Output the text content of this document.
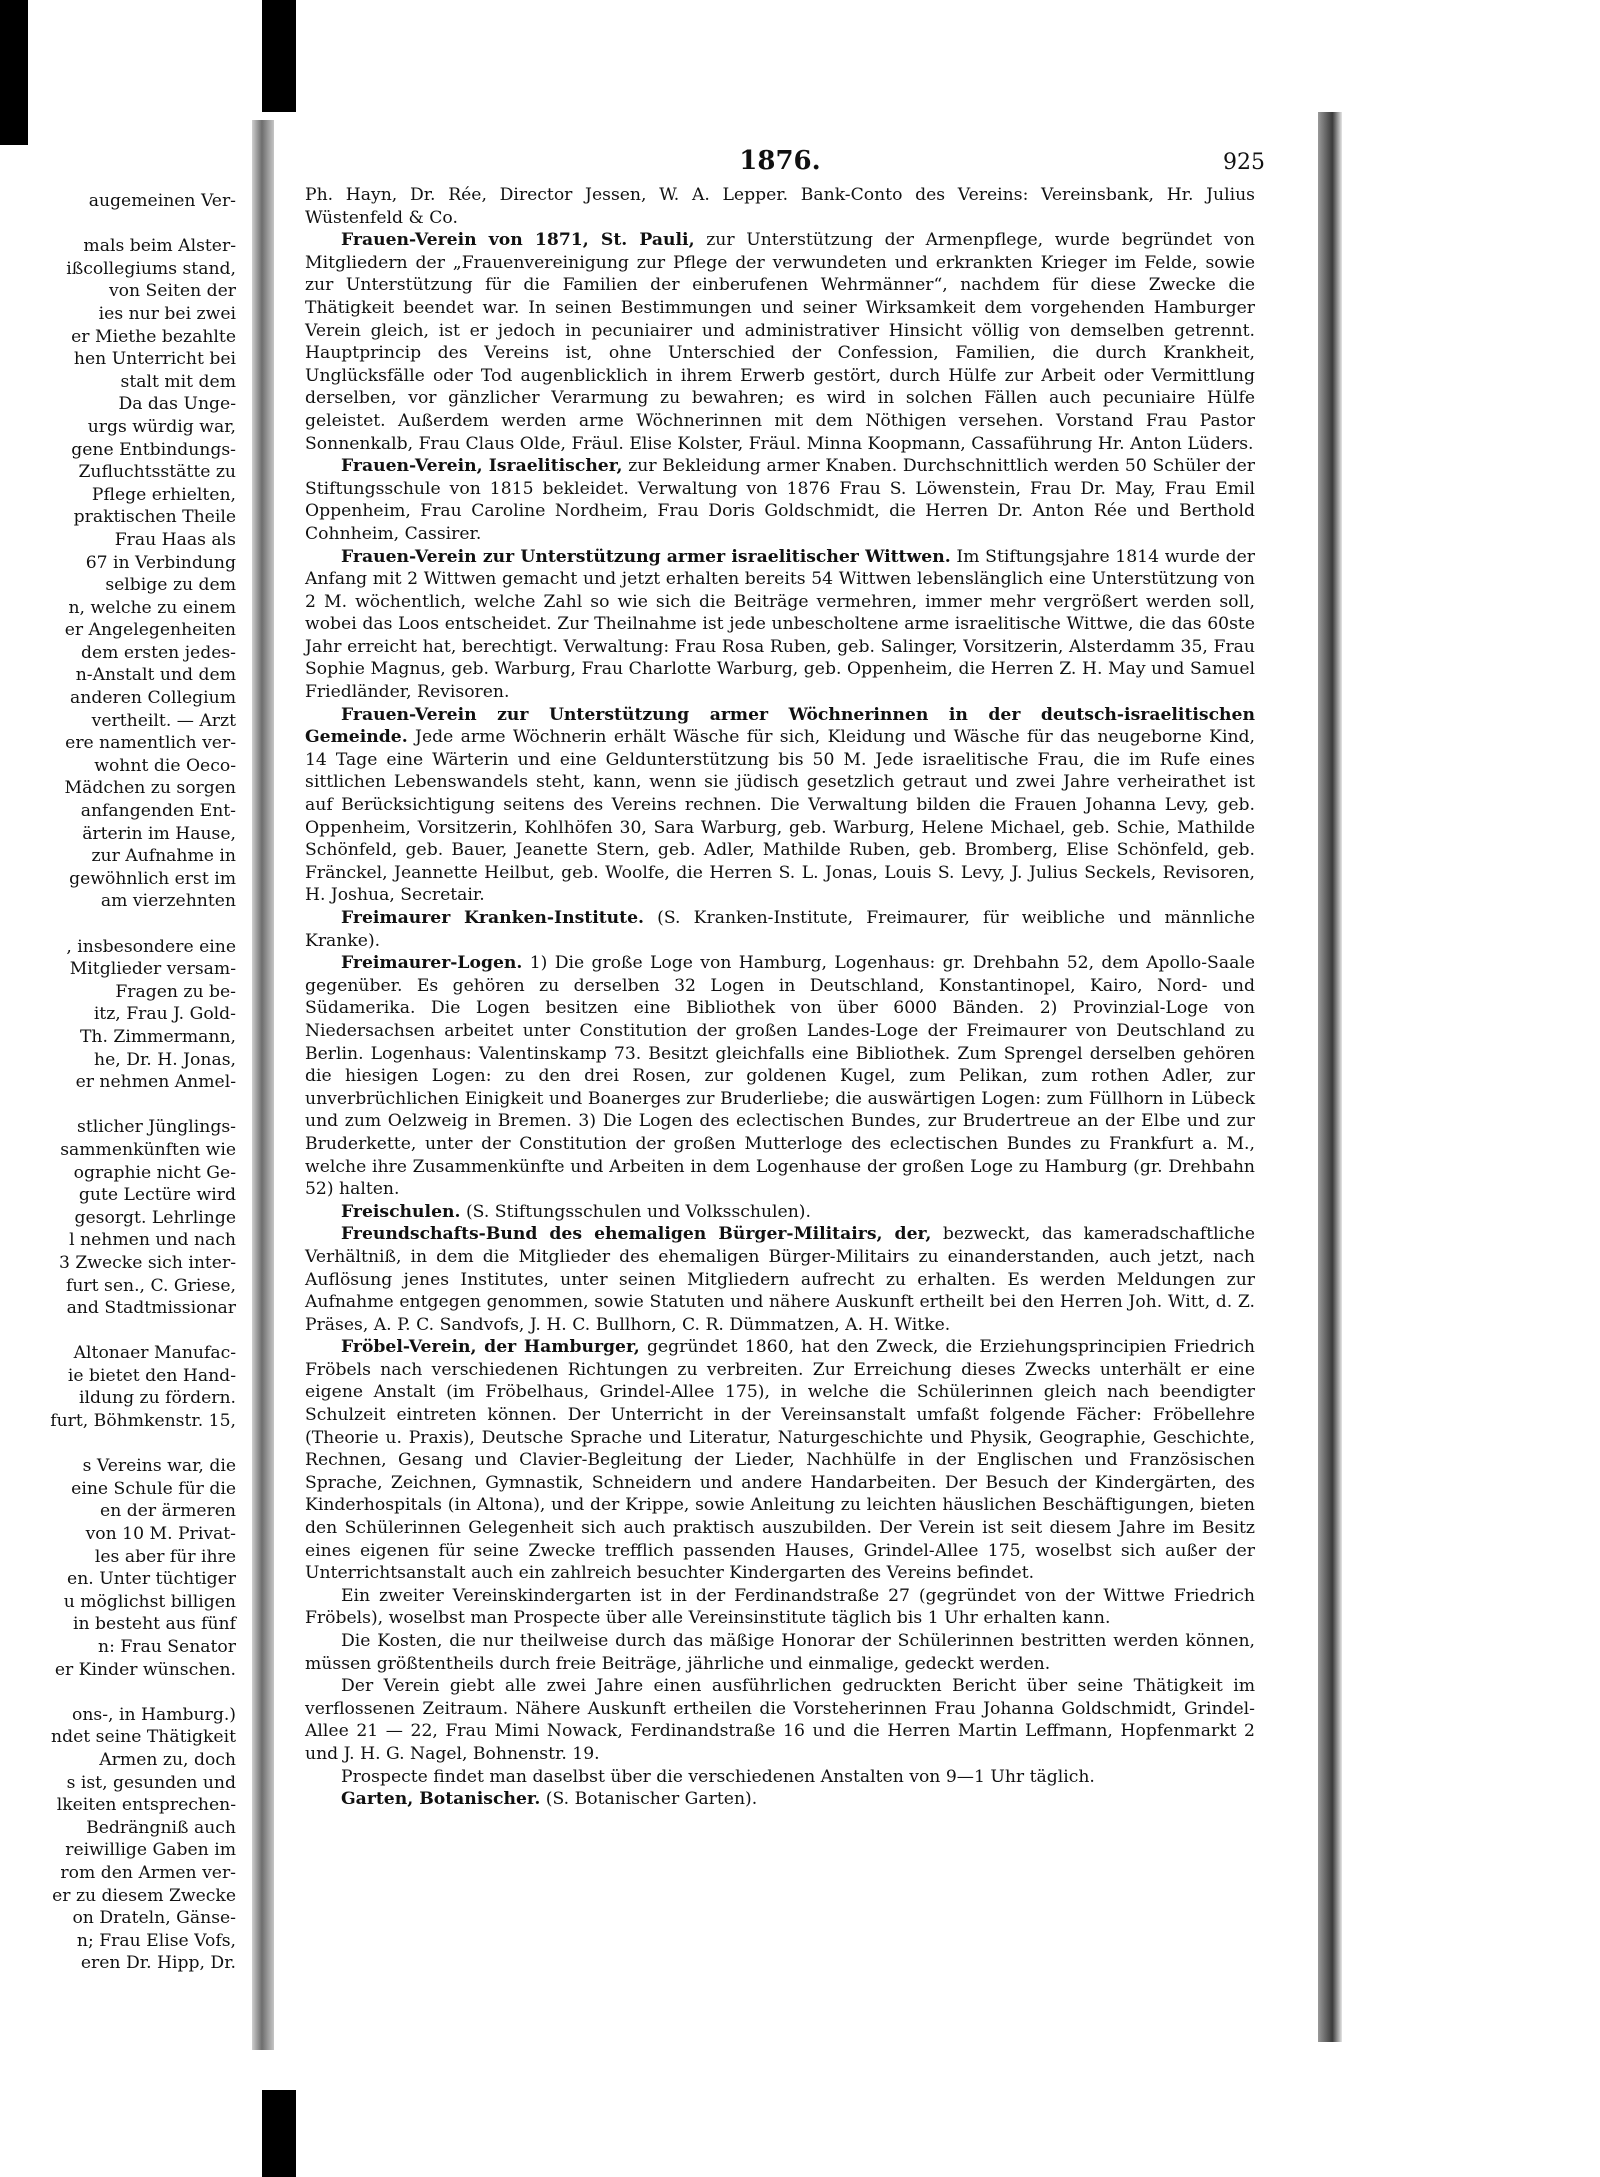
augemeinen Ver-
mals beim Alster-
ißcollegiums stand,
von Seiten der
ies nur bei zwei
er Miethe bezahlte
hen Unterricht bei
stalt mit dem
Da das Unge-
urgs würdig war,
gene Entbindungs-
Zufluchtsstätte zu
Pflege erhielten,
praktischen Theile
Frau Haas als
67 in Verbindung
selbige zu dem
n, welche zu einem
er Angelegenheiten
dem ersten jedes-
n-Anstalt und dem
anderen Collegium
vertheilt. — Arzt
ere namentlich ver-
wohnt die Oeco-
Mädchen zu sorgen
anfangenden Ent-
ärterin im Hause,
zur Aufnahme in
gewöhnlich erst im
am vierzehnten
, insbesondere eine
Mitglieder versam-
Fragen zu be-
itz, Frau J. Gold-
Th. Zimmermann,
he, Dr. H. Jonas,
er nehmen Anmel-
stlicher Jünglings-
sammenkünften wie
ographie nicht Ge-
gute Lectüre wird
gesorgt. Lehrlinge
l nehmen und nach
3 Zwecke sich inter-
furt sen., C. Griese,
and Stadtmissionar
Altonaer Manufac-
ie bietet den Hand-
ildung zu fördern.
furt, Böhmkenstr. 15,
s Vereins war, die
eine Schule für die
en der ärmeren
von 10 M. Privat-
les aber für ihre
en. Unter tüchtiger
u möglichst billigen
in besteht aus fünf
n: Frau Senator
er Kinder wünschen.
ons-, in Hamburg.)
ndet seine Thätigkeit
Armen zu, doch
s ist, gesunden und
lkeiten entsprechen-
Bedrängniß auch
reiwillige Gaben im
rom den Armen ver-
er zu diesem Zwecke
on Drateln, Gänse-
n; Frau Elise Vofs,
eren Dr. Hipp, Dr.
1876.	925

Ph. Hayn, Dr. Rée, Director Jessen, W. A. Lepper. Bank-Conto des Vereins: Vereinsbank, Hr. Julius Wüstenfeld & Co.

Frauen-Verein von 1871, St. Pauli, zur Unterstützung der Armenpflege, wurde begründet von Mitgliedern der „Frauenvereinigung zur Pflege der verwundeten und erkrankten Krieger im Felde, sowie zur Unterstützung für die Familien der einberufenen Wehrmänner“, nachdem für diese Zwecke die Thätigkeit beendet war. In seinen Bestimmungen und seiner Wirksamkeit dem vorgehenden Hamburger Verein gleich, ist er jedoch in pecuniairer und administrativer Hinsicht völlig von demselben getrennt. Hauptprincip des Vereins ist, ohne Unterschied der Confession, Familien, die durch Krankheit, Unglücksfälle oder Tod augenblicklich in ihrem Erwerb gestört, durch Hülfe zur Arbeit oder Vermittlung derselben, vor gänzlicher Verarmung zu bewahren; es wird in solchen Fällen auch pecuniaire Hülfe geleistet. Außerdem werden arme Wöchnerinnen mit dem Nöthigen versehen. Vorstand Frau Pastor Sonnenkalb, Frau Claus Olde, Fräul. Elise Kolster, Fräul. Minna Koopmann, Cassaführung Hr. Anton Lüders.

Frauen-Verein, Israelitischer, zur Bekleidung armer Knaben. Durchschnittlich werden 50 Schüler der Stiftungsschule von 1815 bekleidet. Verwaltung von 1876 Frau S. Löwenstein, Frau Dr. May, Frau Emil Oppenheim, Frau Caroline Nordheim, Frau Doris Goldschmidt, die Herren Dr. Anton Rée und Berthold Cohnheim, Cassirer.

Frauen-Verein zur Unterstützung armer israelitischer Wittwen. Im Stiftungsjahre 1814 wurde der Anfang mit 2 Wittwen gemacht und jetzt erhalten bereits 54 Wittwen lebenslänglich eine Unterstützung von 2 M. wöchentlich, welche Zahl so wie sich die Beiträge vermehren, immer mehr vergrößert werden soll, wobei das Loos entscheidet. Zur Theilnahme ist jede unbescholtene arme israelitische Wittwe, die das 60ste Jahr erreicht hat, berechtigt. Verwaltung: Frau Rosa Ruben, geb. Salinger, Vorsitzerin, Alsterdamm 35, Frau Sophie Magnus, geb. Warburg, Frau Charlotte Warburg, geb. Oppenheim, die Herren Z. H. May und Samuel Friedländer, Revisoren.

Frauen-Verein zur Unterstützung armer Wöchnerinnen in der deutsch-israelitischen Gemeinde. Jede arme Wöchnerin erhält Wäsche für sich, Kleidung und Wäsche für das neugeborne Kind, 14 Tage eine Wärterin und eine Geldunterstützung bis 50 M. Jede israelitische Frau, die im Rufe eines sittlichen Lebenswandels steht, kann, wenn sie jüdisch gesetzlich getraut und zwei Jahre verheirathet ist auf Berücksichtigung seitens des Vereins rechnen. Die Verwaltung bilden die Frauen Johanna Levy, geb. Oppenheim, Vorsitzerin, Kohlhöfen 30, Sara Warburg, geb. Warburg, Helene Michael, geb. Schie, Mathilde Schönfeld, geb. Bauer, Jeanette Stern, geb. Adler, Mathilde Ruben, geb. Bromberg, Elise Schönfeld, geb. Fränckel, Jeannette Heilbut, geb. Woolfe, die Herren S. L. Jonas, Louis S. Levy, J. Julius Seckels, Revisoren, H. Joshua, Secretair.

Freimaurer Kranken-Institute. (S. Kranken-Institute, Freimaurer, für weibliche und männliche Kranke).

Freimaurer-Logen. 1) Die große Loge von Hamburg, Logenhaus: gr. Drehbahn 52, dem Apollo-Saale gegenüber. Es gehören zu derselben 32 Logen in Deutschland, Konstantinopel, Kairo, Nord- und Südamerika. Die Logen besitzen eine Bibliothek von über 6000 Bänden. 2) Provinzial-Loge von Niedersachsen arbeitet unter Constitution der großen Landes-Loge der Freimaurer von Deutschland zu Berlin. Logenhaus: Valentinskamp 73. Besitzt gleichfalls eine Bibliothek. Zum Sprengel derselben gehören die hiesigen Logen: zu den drei Rosen, zur goldenen Kugel, zum Pelikan, zum rothen Adler, zur unverbrüchlichen Einigkeit und Boanerges zur Bruderliebe; die auswärtigen Logen: zum Füllhorn in Lübeck und zum Oelzweig in Bremen. 3) Die Logen des eclectischen Bundes, zur Brudertreue an der Elbe und zur Bruderkette, unter der Constitution der großen Mutterloge des eclectischen Bundes zu Frankfurt a. M., welche ihre Zusammenkünfte und Arbeiten in dem Logenhause der großen Loge zu Hamburg (gr. Drehbahn 52) halten.

Freischulen. (S. Stiftungsschulen und Volksschulen).

Freundschafts-Bund des ehemaligen Bürger-Militairs, der, bezweckt, das kameradschaftliche Verhältniß, in dem die Mitglieder des ehemaligen Bürger-Militairs zu einanderstanden, auch jetzt, nach Auflösung jenes Institutes, unter seinen Mitgliedern aufrecht zu erhalten. Es werden Meldungen zur Aufnahme entgegen genommen, sowie Statuten und nähere Auskunft ertheilt bei den Herren Joh. Witt, d. Z. Präses, A. P. C. Sandvofs, J. H. C. Bullhorn, C. R. Dümmatzen, A. H. Witke.

Fröbel-Verein, der Hamburger, gegründet 1860, hat den Zweck, die Erziehungsprincipien Friedrich Fröbels nach verschiedenen Richtungen zu verbreiten. Zur Erreichung dieses Zwecks unterhält er eine eigene Anstalt (im Fröbelhaus, Grindel-Allee 175), in welche die Schülerinnen gleich nach beendigter Schulzeit eintreten können. Der Unterricht in der Vereinsanstalt umfaßt folgende Fächer: Fröbellehre (Theorie u. Praxis), Deutsche Sprache und Literatur, Naturgeschichte und Physik, Geographie, Geschichte, Rechnen, Gesang und Clavier-Begleitung der Lieder, Nachhülfe in der Englischen und Französischen Sprache, Zeichnen, Gymnastik, Schneidern und andere Handarbeiten. Der Besuch der Kindergärten, des Kinderhospitals (in Altona), und der Krippe, sowie Anleitung zu leichten häuslichen Beschäftigungen, bieten den Schülerinnen Gelegenheit sich auch praktisch auszubilden. Der Verein ist seit diesem Jahre im Besitz eines eigenen für seine Zwecke trefflich passenden Hauses, Grindel-Allee 175, woselbst sich außer der Unterrichtsanstalt auch ein zahlreich besuchter Kindergarten des Vereins befindet.

Ein zweiter Vereinskindergarten ist in der Ferdinandstraße 27 (gegründet von der Wittwe Friedrich Fröbels), woselbst man Prospecte über alle Vereinsinstitute täglich bis 1 Uhr erhalten kann.

Die Kosten, die nur theilweise durch das mäßige Honorar der Schülerinnen bestritten werden können, müssen größtentheils durch freie Beiträge, jährliche und einmalige, gedeckt werden.

Der Verein giebt alle zwei Jahre einen ausführlichen gedruckten Bericht über seine Thätigkeit im verflossenen Zeitraum. Nähere Auskunft ertheilen die Vorsteherinnen Frau Johanna Goldschmidt, Grindel-Allee 21 — 22, Frau Mimi Nowack, Ferdinandstraße 16 und die Herren Martin Leffmann, Hopfenmarkt 2 und J. H. G. Nagel, Bohnenstr. 19.

Prospecte findet man daselbst über die verschiedenen Anstalten von 9—1 Uhr täglich.

Garten, Botanischer. (S. Botanischer Garten).
